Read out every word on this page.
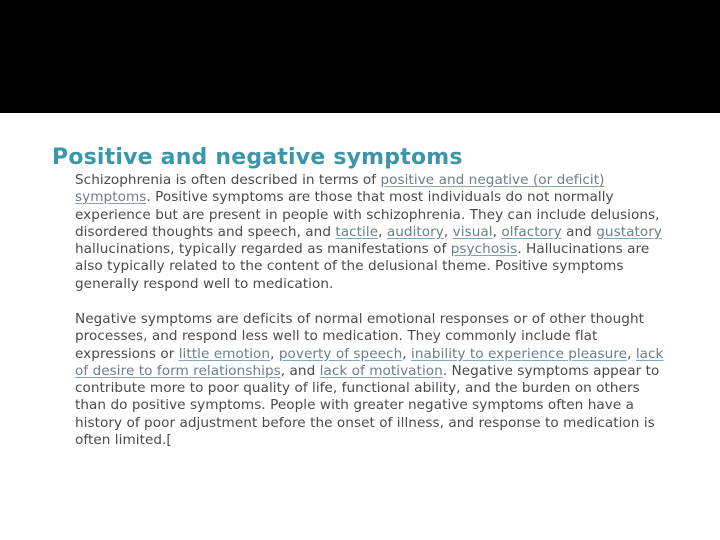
Positive and negative symptoms
Schizophrenia is often described in terms of positive and negative (or deficit) symptoms. Positive symptoms are those that most individuals do not normally experience but are present in people with schizophrenia. They can include delusions, disordered thoughts and speech, and tactile, auditory, visual, olfactory and gustatory hallucinations, typically regarded as manifestations of psychosis. Hallucinations are also typically related to the content of the delusional theme. Positive symptoms generally respond well to medication.
Negative symptoms are deficits of normal emotional responses or of other thought processes, and respond less well to medication. They commonly include flat expressions or little emotion, poverty of speech, inability to experience pleasure, lack of desire to form relationships, and lack of motivation. Negative symptoms appear to contribute more to poor quality of life, functional ability, and the burden on others than do positive symptoms. People with greater negative symptoms often have a history of poor adjustment before the onset of illness, and response to medication is often limited.[
